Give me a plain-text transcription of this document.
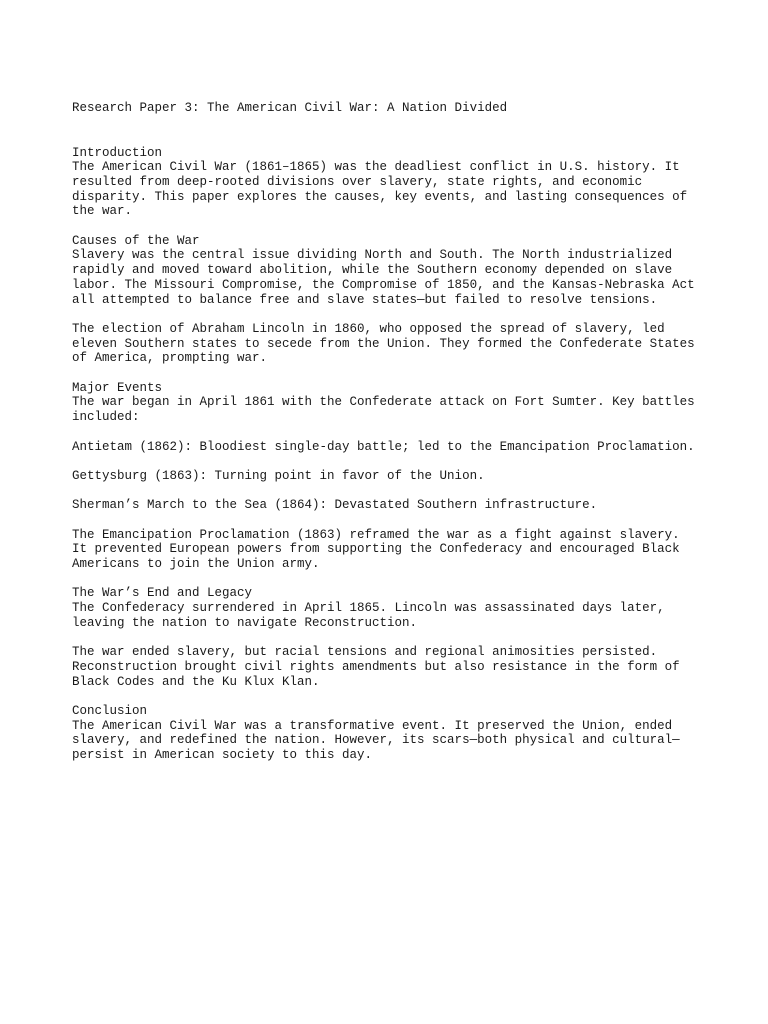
Research Paper 3: The American Civil War: A Nation Divided

Introduction
The American Civil War (1861–1865) was the deadliest conflict in U.S. history. It
resulted from deep-rooted divisions over slavery, state rights, and economic
disparity. This paper explores the causes, key events, and lasting consequences of
the war.
Causes of the War
Slavery was the central issue dividing North and South. The North industrialized
rapidly and moved toward abolition, while the Southern economy depended on slave
labor. The Missouri Compromise, the Compromise of 1850, and the Kansas-Nebraska Act
all attempted to balance free and slave states—but failed to resolve tensions.
The election of Abraham Lincoln in 1860, who opposed the spread of slavery, led
eleven Southern states to secede from the Union. They formed the Confederate States
of America, prompting war.
Major Events
The war began in April 1861 with the Confederate attack on Fort Sumter. Key battles
included:
Antietam (1862): Bloodiest single-day battle; led to the Emancipation Proclamation.
Gettysburg (1863): Turning point in favor of the Union.
Sherman’s March to the Sea (1864): Devastated Southern infrastructure.
The Emancipation Proclamation (1863) reframed the war as a fight against slavery.
It prevented European powers from supporting the Confederacy and encouraged Black
Americans to join the Union army.
The War’s End and Legacy
The Confederacy surrendered in April 1865. Lincoln was assassinated days later,
leaving the nation to navigate Reconstruction.
The war ended slavery, but racial tensions and regional animosities persisted.
Reconstruction brought civil rights amendments but also resistance in the form of
Black Codes and the Ku Klux Klan.
Conclusion
The American Civil War was a transformative event. It preserved the Union, ended
slavery, and redefined the nation. However, its scars—both physical and cultural—
persist in American society to this day.
